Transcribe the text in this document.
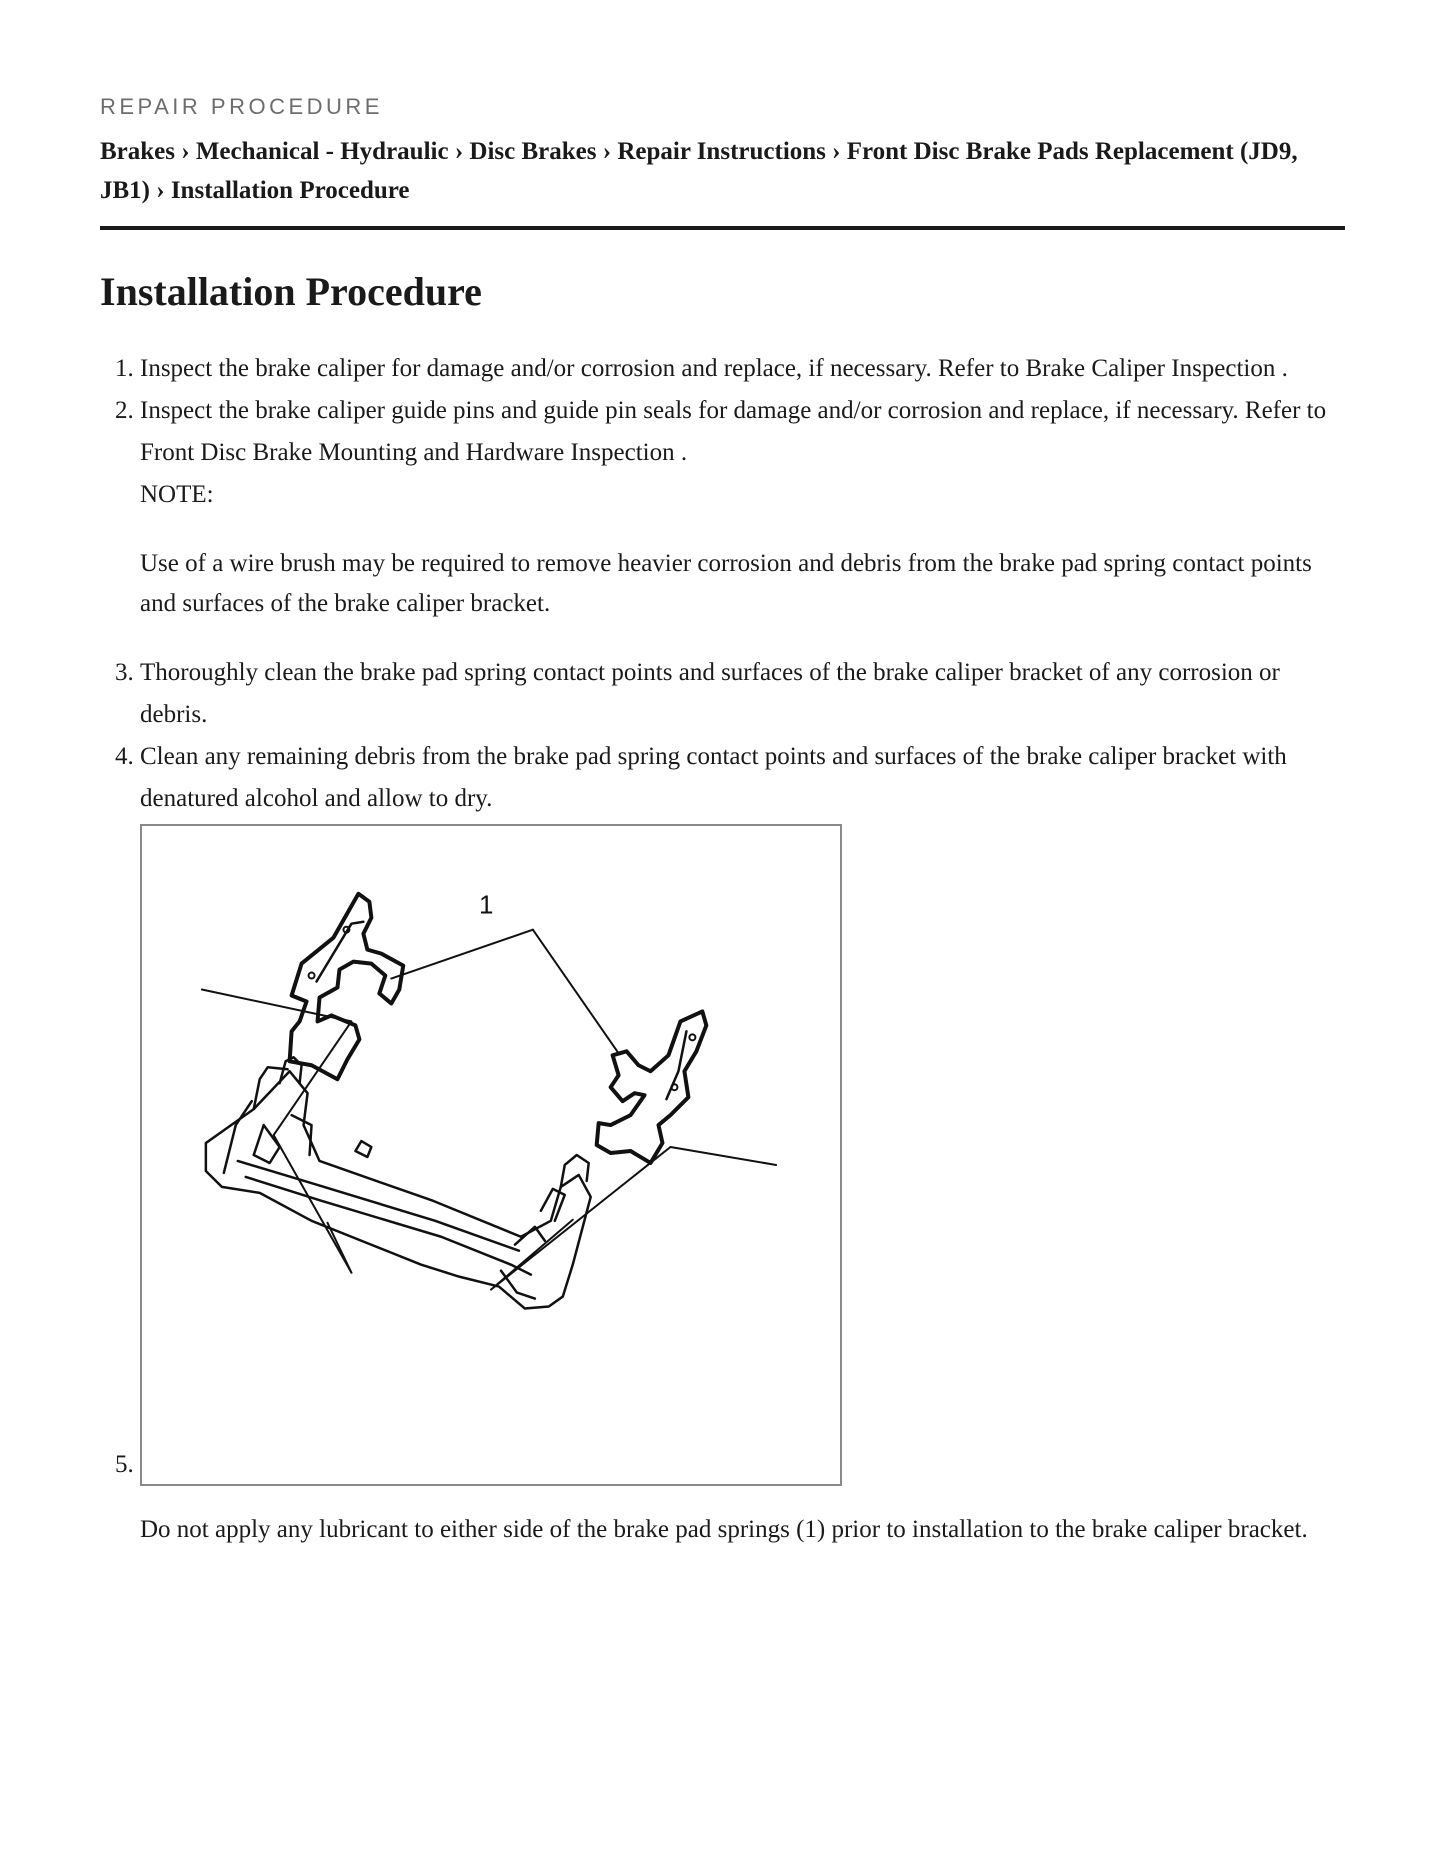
REPAIR PROCEDURE
Brakes › Mechanical - Hydraulic › Disc Brakes › Repair Instructions › Front Disc Brake Pads Replacement (JD9, JB1) › Installation Procedure
Installation Procedure
1. Inspect the brake caliper for damage and/or corrosion and replace, if necessary. Refer to Brake Caliper Inspection .
2. Inspect the brake caliper guide pins and guide pin seals for damage and/or corrosion and replace, if necessary. Refer to Front Disc Brake Mounting and Hardware Inspection .
NOTE:
Use of a wire brush may be required to remove heavier corrosion and debris from the brake pad spring contact points and surfaces of the brake caliper bracket.
3. Thoroughly clean the brake pad spring contact points and surfaces of the brake caliper bracket of any corrosion or debris.
4. Clean any remaining debris from the brake pad spring contact points and surfaces of the brake caliper bracket with denatured alcohol and allow to dry.
5. 1
Do not apply any lubricant to either side of the brake pad springs (1) prior to installation to the brake caliper bracket.
